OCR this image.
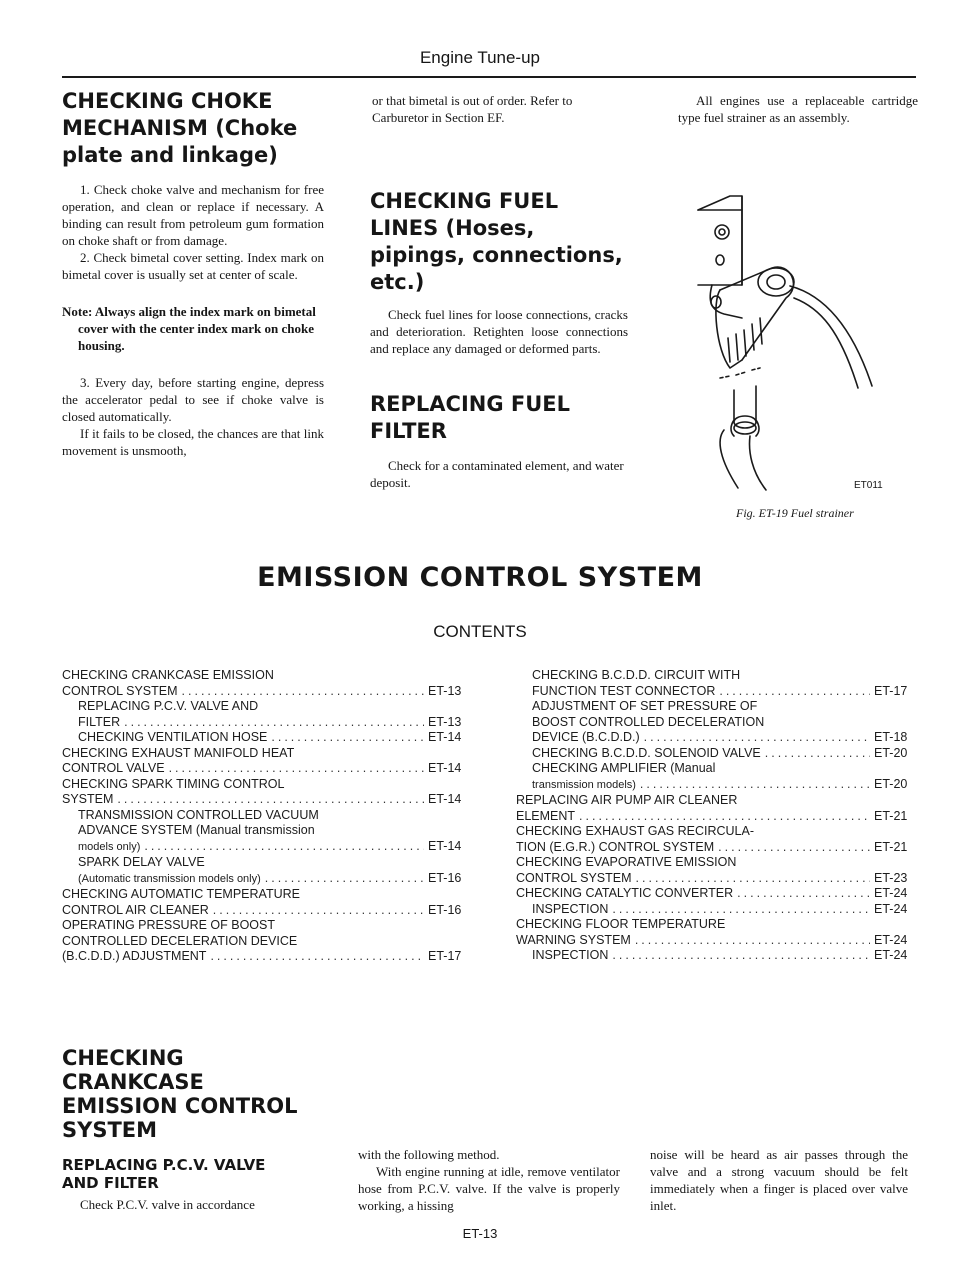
Engine Tune-up
CHECKING CHOKE
MECHANISM (Choke
plate and linkage)

1. Check choke valve and mechanism for free operation, and clean or replace if necessary. A binding can result from petroleum gum formation on choke shaft or from damage.

2. Check bimetal cover setting. Index mark on bimetal cover is usually set at center of scale.

Note: Always align the index mark on bimetal cover with the center index mark on choke housing.

3. Every day, before starting engine, depress the accelerator pedal to see if choke valve is closed automatically.

If it fails to be closed, the chances are that link movement is unsmooth,

or that bimetal is out of order. Refer to Carburetor in Section EF.

CHECKING FUEL
LINES (Hoses,
pipings, connections,
etc.)

Check fuel lines for loose connections, cracks and deterioration. Retighten loose connections and replace any damaged or deformed parts.

REPLACING FUEL
FILTER

Check for a contaminated element, and water deposit.

All engines use a replaceable cartridge type fuel strainer as an assembly.

ET011
Fig. ET-19 Fuel strainer
EMISSION CONTROL SYSTEM
CONTENTS
CHECKING CRANKCASE EMISSION
CONTROL SYSTEM .....	ET-13
REPLACING P.C.V. VALVE AND
FILTER .....	ET-13
CHECKING VENTILATION HOSE .....	ET-14
CHECKING EXHAUST MANIFOLD HEAT
CONTROL VALVE .....	ET-14
CHECKING SPARK TIMING CONTROL
SYSTEM .....	ET-14
TRANSMISSION CONTROLLED VACUUM
ADVANCE SYSTEM (Manual transmission
models only) .....	ET-14
SPARK DELAY VALVE
(Automatic transmission models only) .....	ET-16
CHECKING AUTOMATIC TEMPERATURE
CONTROL AIR CLEANER .....	ET-16
OPERATING PRESSURE OF BOOST
CONTROLLED DECELERATION DEVICE
(B.C.D.D.) ADJUSTMENT .....	ET-17
CHECKING B.C.D.D. CIRCUIT WITH
FUNCTION TEST CONNECTOR .....	ET-17
ADJUSTMENT OF SET PRESSURE OF
BOOST CONTROLLED DECELERATION
DEVICE (B.C.D.D.) .....	ET-18
CHECKING B.C.D.D. SOLENOID VALVE .....	ET-20
CHECKING AMPLIFIER (Manual
transmission models) .....	ET-20
REPLACING AIR PUMP AIR CLEANER
ELEMENT .....	ET-21
CHECKING EXHAUST GAS RECIRCULA-
TION (E.G.R.) CONTROL SYSTEM .....	ET-21
CHECKING EVAPORATIVE EMISSION
CONTROL SYSTEM .....	ET-23
CHECKING CATALYTIC CONVERTER .....	ET-24
INSPECTION .....	ET-24
CHECKING FLOOR TEMPERATURE
WARNING SYSTEM .....	ET-24
INSPECTION .....	ET-24
CHECKING
CRANKCASE
EMISSION CONTROL
SYSTEM
REPLACING P.C.V. VALVE
AND FILTER

Check P.C.V. valve in accordance

with the following method.

With engine running at idle, remove ventilator hose from P.C.V. valve. If the valve is properly working, a hissing

noise will be heard as air passes through the valve and a strong vacuum should be felt immediately when a finger is placed over valve inlet.

ET-13
